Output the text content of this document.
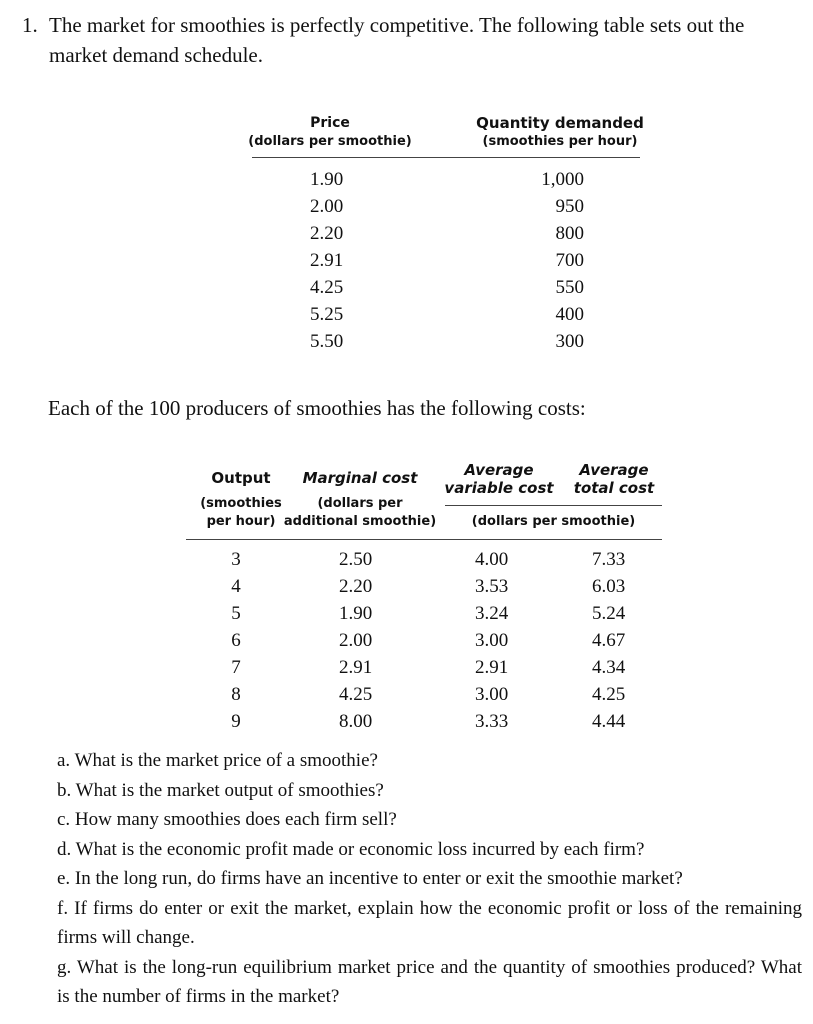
1. The market for smoothies is perfectly competitive. The following table sets out the market demand schedule.
Price
(dollars per smoothie)
Quantity demanded
(smoothies per hour)
1.90
2.00
2.20
2.91
4.25
5.25
5.50
1,000
950
800
700
550
400
300
Each of the 100 producers of smoothies has the following costs:
Output
(smoothies
per hour)
Marginal cost
(dollars per
additional smoothie)
Average
variable cost
Average
total cost
(dollars per smoothie)
3
4
5
6
7
8
9
2.50
2.20
1.90
2.00
2.91
4.25
8.00
4.00
3.53
3.24
3.00
2.91
3.00
3.33
7.33
6.03
5.24
4.67
4.34
4.25
4.44

a. What is the market price of a smoothie?

b. What is the market output of smoothies?

c. How many smoothies does each firm sell?

d. What is the economic profit made or economic loss incurred by each firm?

e. In the long run, do firms have an incentive to enter or exit the smoothie market?

f. If firms do enter or exit the market, explain how the economic profit or loss of the remaining firms will change.

g. What is the long-run equilibrium market price and the quantity of smoothies produced? What is the number of firms in the market?
